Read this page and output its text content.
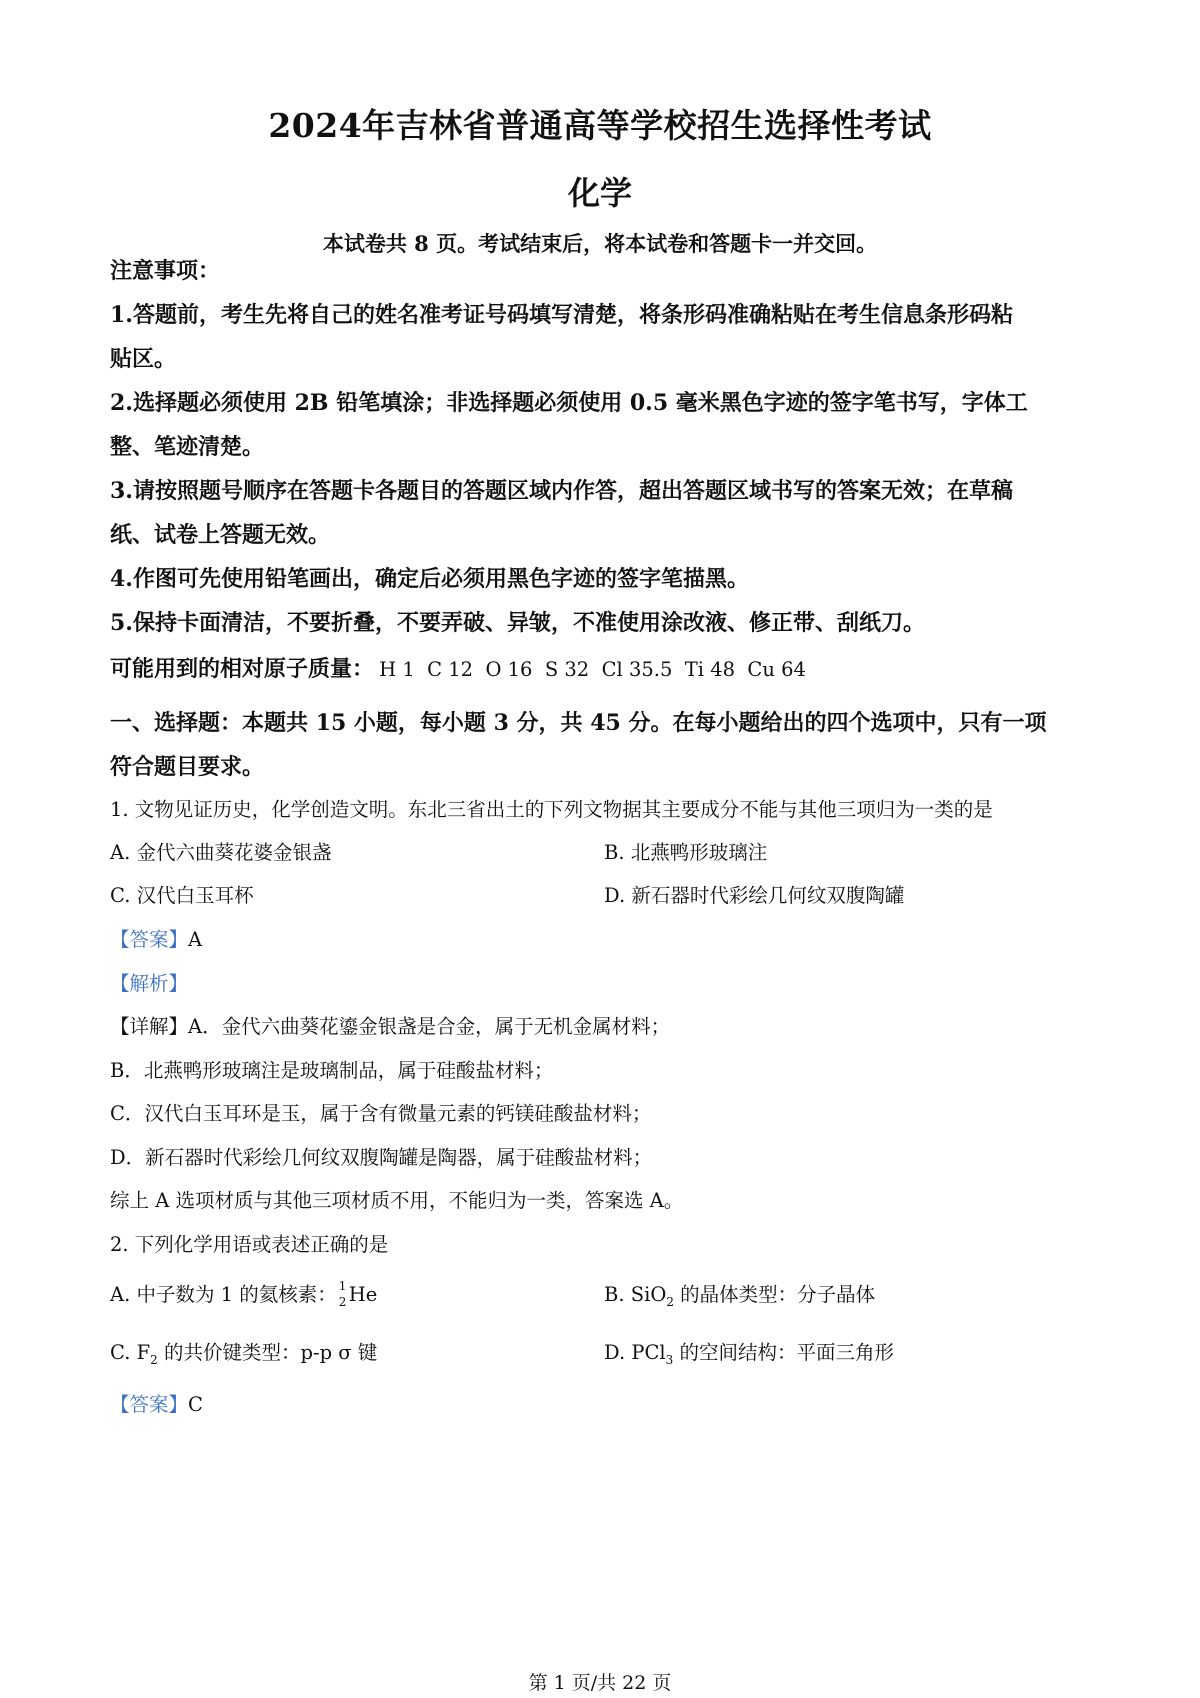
2024年吉林省普通高等学校招生选择性考试
化学
本试卷共 8 页。考试结束后，将本试卷和答题卡一并交回。
注意事项：
1.答题前，考生先将自己的姓名准考证号码填写清楚，将条形码准确粘贴在考生信息条形码粘
贴区。
2.选择题必须使用 2B 铅笔填涂；非选择题必须使用 0.5 毫米黑色字迹的签字笔书写，字体工
整、笔迹清楚。
3.请按照题号顺序在答题卡各题目的答题区域内作答，超出答题区域书写的答案无效；在草稿
纸、试卷上答题无效。
4.作图可先使用铅笔画出，确定后必须用黑色字迹的签字笔描黑。
5.保持卡面清洁，不要折叠，不要弄破、异皱，不准使用涂改液、修正带、刮纸刀。
可能用到的相对原子质量： H 1  C 12  O 16  S 32  Cl 35.5  Ti 48  Cu 64
一、选择题：本题共 15 小题，每小题 3 分，共 45 分。在每小题给出的四个选项中，只有一项
符合题目要求。
1. 文物见证历史，化学创造文明。东北三省出土的下列文物据其主要成分不能与其他三项归为一类的是
A. 金代六曲葵花婆金银盏	B. 北燕鸭形玻璃注
C. 汉代白玉耳杯	D. 新石器时代彩绘几何纹双腹陶罐
【答案】A
【解析】
【详解】A．金代六曲葵花鎏金银盏是合金，属于无机金属材料；
B．北燕鸭形玻璃注是玻璃制品，属于硅酸盐材料；
C．汉代白玉耳环是玉，属于含有微量元素的钙镁硅酸盐材料；
D．新石器时代彩绘几何纹双腹陶罐是陶器，属于硅酸盐材料；
综上 A 选项材质与其他三项材质不用，不能归为一类，答案选 A。
2. 下列化学用语或表述正确的是
A. 中子数为 1 的氦核素： 1
2 He	B. SiO$_2$ 的晶体类型：分子晶体
C. $F_2$ 的共价键类型：p-p σ 键	D. PCl$_3$ 的空间结构：平面三角形
【答案】C
第 1 页/共 22 页
